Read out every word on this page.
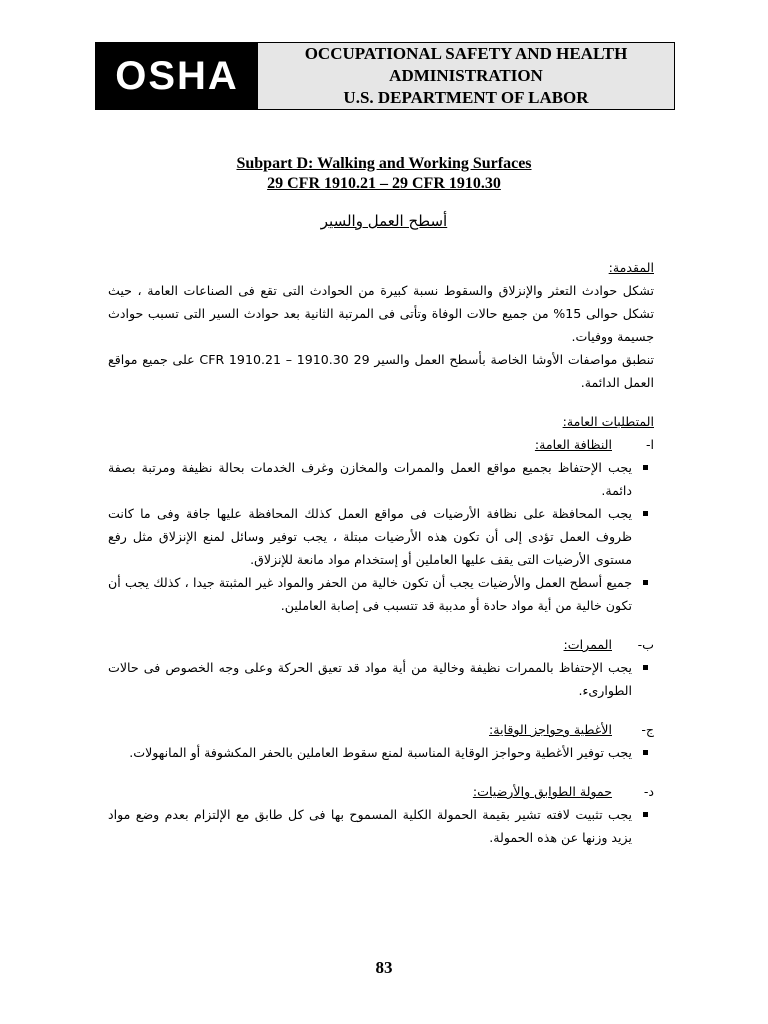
OSHA	OCCUPATIONAL SAFETY AND HEALTH
ADMINISTRATION
U.S. DEPARTMENT OF LABOR
Subpart D: Walking and Working Surfaces
29 CFR 1910.21 – 29 CFR 1910.30
أسطح العمل والسير

المقدمة:

تشكل حوادث التعثر والإنزلاق والسقوط نسبة كبيرة من الحوادث التى تقع فى الصناعات العامة ، حيث تشكل حوالى 15% من جميع حالات الوفاة وتأتى فى المرتبة الثانية بعد حوادث السير التى تسبب حوادث جسيمة ووفيات.

تنطبق مواصفات الأوشا الخاصة بأسطح العمل والسير 29 CFR 1910.21 – 1910.30 على جميع مواقع العمل الدائمة.

المتطلبات العامة:

ا-
النظافة العامة:
يجب الإحتفاظ بجميع مواقع العمل والممرات والمخازن وغرف الخدمات بحالة نظيفة ومرتبة بصفة دائمة.
يجب المحافظة على نظافة الأرضيات فى مواقع العمل كذلك المحافظة عليها جافة وفى ما كانت ظروف العمل تؤدى إلى أن تكون هذه الأرضيات مبتلة ، يجب توفير وسائل لمنع الإنزلاق مثل رفع مستوى الأرضيات التى يقف عليها العاملين أو إستخدام مواد مانعة للإنزلاق.
جميع أسطح العمل والأرضيات يجب أن تكون خالية من الحفر والمواد غير المثبتة جيدا ، كذلك يجب أن تكون خالية من أية مواد حادة أو مدببة قد تتسبب فى إصابة العاملين.
ب-
الممرات:
يجب الإحتفاظ بالممرات نظيفة وخالية من أية مواد قد تعيق الحركة وعلى وجه الخصوص فى حالات الطوارىء.
ج-
الأغطية وحواجز الوقاية:
يجب توفير الأغطية وحواجز الوقاية المناسبة لمنع سقوط العاملين بالحفر المكشوفة أو المانهولات.
د-
حمولة الطوابق والأرضيات:
يجب تثبيت لافته تشير بقيمة الحمولة الكلية المسموح بها فى كل طابق مع الإلتزام بعدم وضع مواد يزيد وزنها عن هذه الحمولة.
83
